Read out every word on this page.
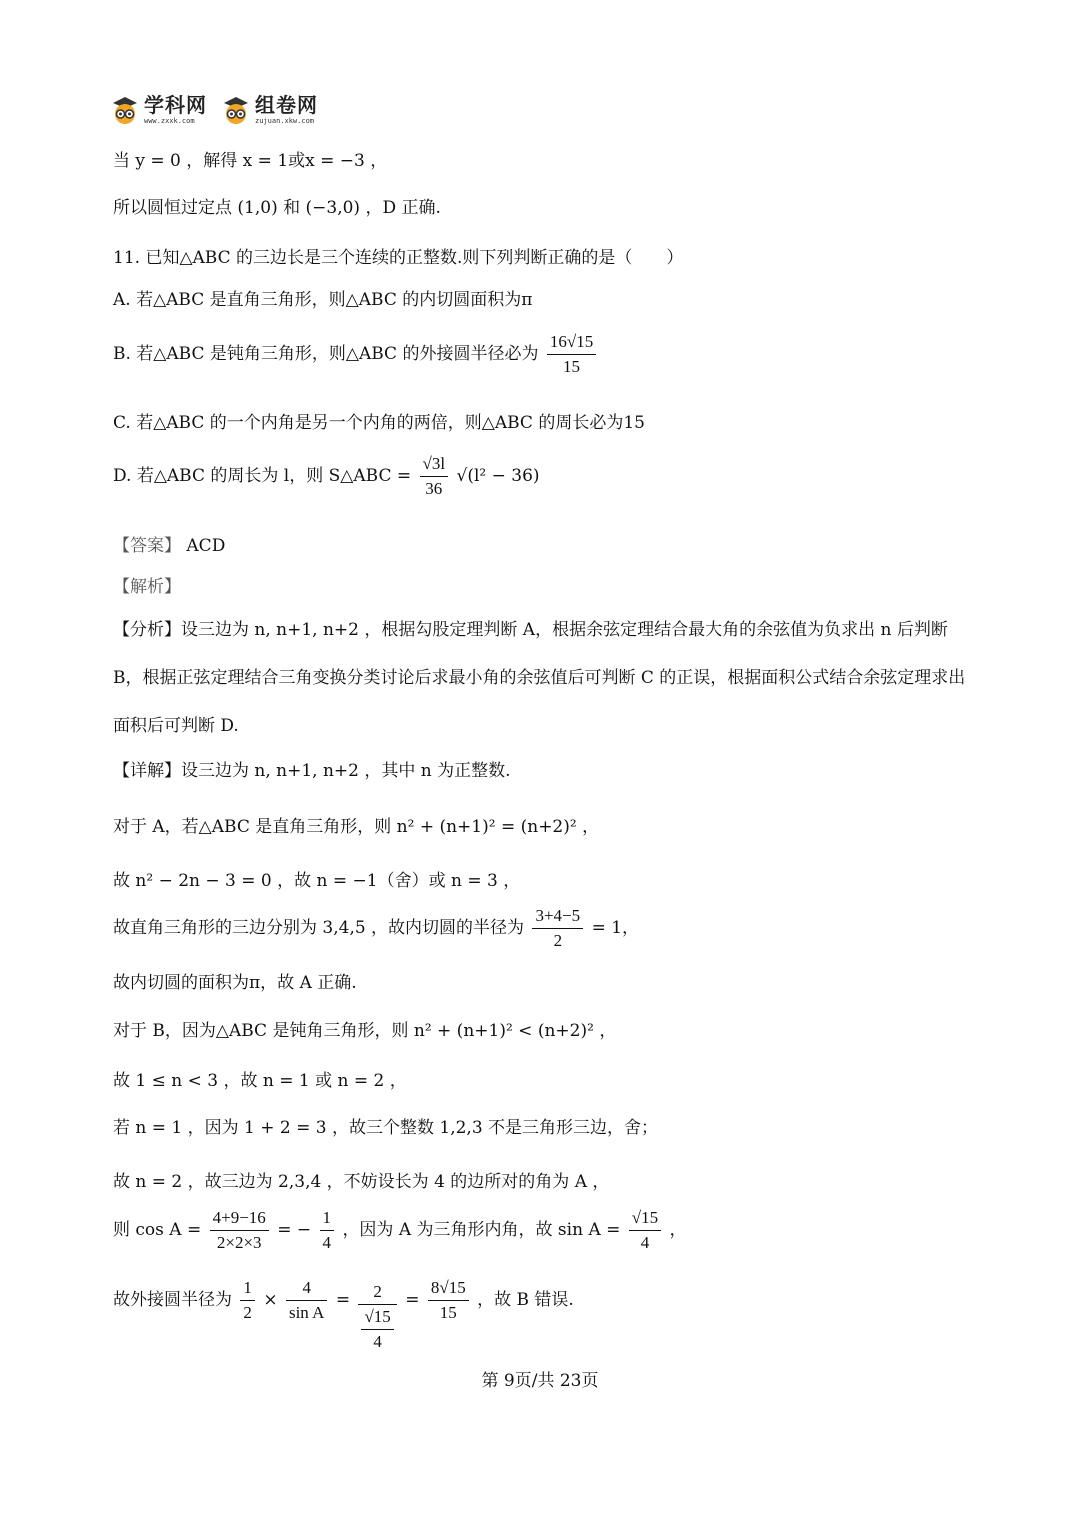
学科网
www.zxxk.com
组卷网
zujuan.xkw.com
当 y = 0 ，解得 x = 1或x = −3 ，
所以圆恒过定点 (1,0) 和 (−3,0) ，D 正确.
11. 已知△ABC 的三边长是三个连续的正整数.则下列判断正确的是（　　）
A. 若△ABC 是直角三角形，则△ABC 的内切圆面积为π
B. 若△ABC 是钝角三角形，则△ABC 的外接圆半径必为 $\frac{16√15}{15}$
C. 若△ABC 的一个内角是另一个内角的两倍，则△ABC 的周长必为15
D. 若△ABC 的周长为 l，则 S△ABC = $\frac{√3l}{36} √(l^2 - 36)$
【答案】 ACD
【解析】
【分析】设三边为 n, n+1, n+2 ，根据勾股定理判断 A，根据余弦定理结合最大角的余弦值为负求出 n 后判断 B，根据正弦定理结合三角变换分类讨论后求最小角的余弦值后可判断 C 的正误，根据面积公式结合余弦定理求出面积后可判断 D.
【详解】设三边为 n, n+1, n+2 ，其中 n 为正整数.
对于 A，若△ABC 是直角三角形，则 n² + (n+1)² = (n+2)² ，
故 n² − 2n − 3 = 0 ，故 n = −1（舍）或 n = 3 ，
故直角三角形的三边分别为 3,4,5 ，故内切圆的半径为 $\frac{3+4-5}{2} = 1$，
故内切圆的面积为π，故 A 正确.
对于 B，因为△ABC 是钝角三角形，则 n² + (n+1)² < (n+2)² ，
故 1 ≤ n < 3 ，故 n = 1 或 n = 2 ，
若 n = 1 ，因为 1 + 2 = 3 ，故三个整数 1,2,3 不是三角形三边，舍；
故 n = 2 ，故三边为 2,3,4 ，不妨设长为 4 的边所对的角为 A ，
则 $\cos A = \frac{4+9-16}{2\times 2\times 3}$ = − $\frac{1}{4}$ ，因为 A 为三角形内角，故 $\sin A = \frac{√15}{4}$ ，
故外接圆半径为 $\frac{1}{2} \times \frac{4}{\text{sin A}} = \frac{2}{\frac{√15}{4}} = \frac{8√15}{15}$ ，故 B 错误.
第 9页/共 23页
